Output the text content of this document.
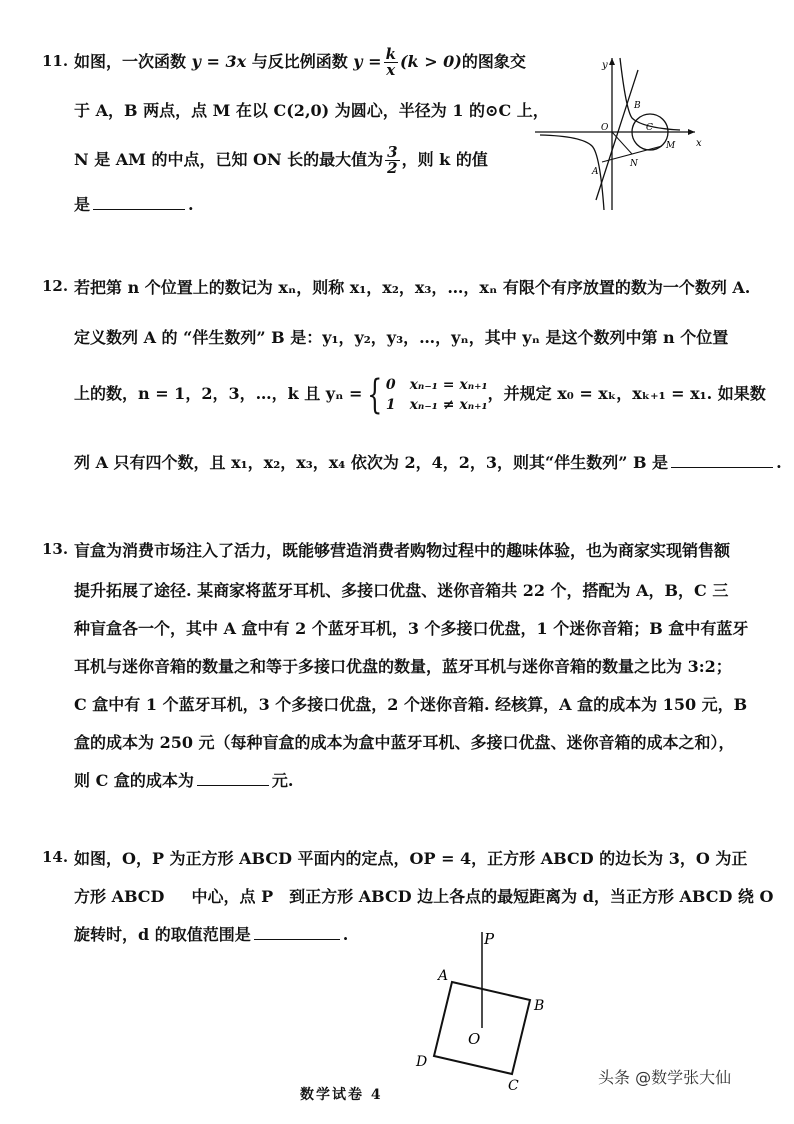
11. 如图，一次函数 y = 3x 与反比例函数 $y = \frac{k}{x} (k > 0)$的图象交
于 A，B 两点，点 M 在以 C(2,0) 为圆心，半径为 1 的⊙C 上，
N 是 AM 的中点，已知 ON 长的最大值为 $\frac{3}{2}$ ，则 k 的值
是	.
y
x
O	C
A
B
M
N
12. 若把第 n 个位置上的数记为 xₙ，则称 x₁，x₂，x₃，…，xₙ 有限个有序放置的数为一个数列 A.
定义数列 A 的 “伴生数列” B 是：y₁，y₂，y₃，…，yₙ，其中 yₙ 是这个数列中第 n 个位置
上的数，n = 1，2，3，…，k 且 yₙ = { 0　xₙ₋₁ = xₙ₊₁
1　xₙ₋₁ ≠ xₙ₊₁
，并规定 x₀ = xₖ，xₖ₊₁ = x₁. 如果数
列 A 只有四个数，且 x₁，x₂，x₃，x₄ 依次为 2，4，2，3，则其“伴生数列” B 是	.
13. 盲盒为消费市场注入了活力，既能够营造消费者购物过程中的趣味体验，也为商家实现销售额
提升拓展了途径. 某商家将蓝牙耳机、多接口优盘、迷你音箱共 22 个，搭配为 A，B，C 三
种盲盒各一个，其中 A 盒中有 2 个蓝牙耳机，3 个多接口优盘，1 个迷你音箱；B 盒中有蓝牙
耳机与迷你音箱的数量之和等于多接口优盘的数量，蓝牙耳机与迷你音箱的数量之比为 3:2；
C 盒中有 1 个蓝牙耳机，3 个多接口优盘，2 个迷你音箱. 经核算，A 盒的成本为 150 元，B
盒的成本为 250 元（每种盲盒的成本为盒中蓝牙耳机、多接口优盘、迷你音箱的成本之和），
则 C 盒的成本为	元.
14. 如图，O，P 为正方形 ABCD 平面内的定点，OP = 4，正方形 ABCD 的边长为 3，O 为正
方形 ABCD 　 中心，点 P　到正方形 ABCD 边上各点的最短距离为 d，当正方形 ABCD 绕 O
旋转时，d 的取值范围是	.	P
A
B
C
D
O
数学试卷 4
头条 @数学张大仙
